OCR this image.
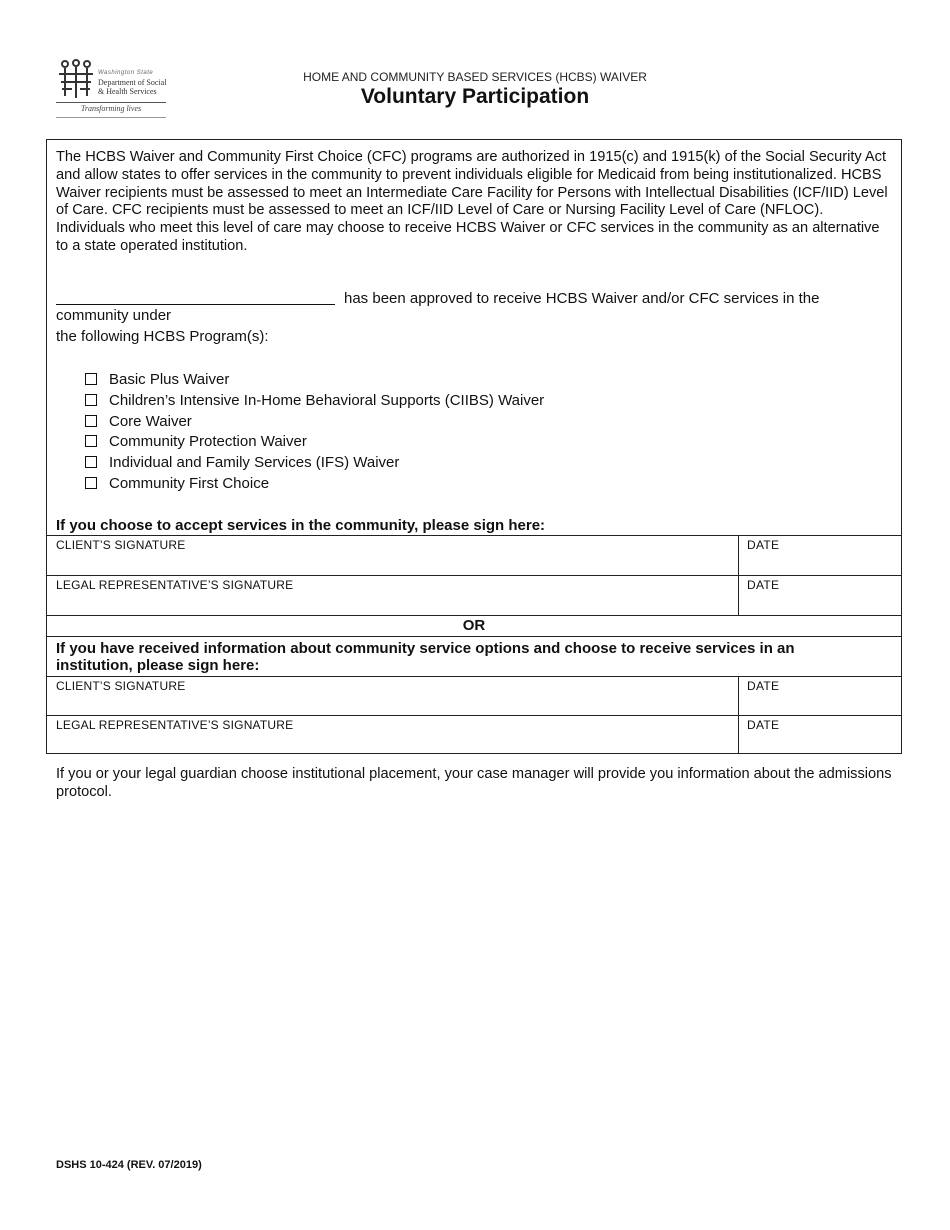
Washington State
Department of Social
& Health Services
Transforming lives
HOME AND COMMUNITY BASED SERVICES (HCBS) WAIVER
Voluntary Participation
The HCBS Waiver and Community First Choice (CFC) programs are authorized in 1915(c) and 1915(k) of the Social Security Act and allow states to offer services in the community to prevent individuals eligible for Medicaid from being institutionalized. HCBS Waiver recipients must be assessed to meet an Intermediate Care Facility for Persons with Intellectual Disabilities (ICF/IID) Level of Care. CFC recipients must be assessed to meet an ICF/IID Level of Care or Nursing Facility Level of Care (NFLOC). Individuals who meet this level of care may choose to receive HCBS Waiver or CFC services in the community as an alternative to a state operated institution.
has been approved to receive HCBS Waiver and/or CFC services in the
community under
the following HCBS Program(s):
Basic Plus Waiver
Children’s Intensive In-Home Behavioral Supports (CIIBS) Waiver
Core Waiver
Community Protection Waiver
Individual and Family Services (IFS) Waiver
Community First Choice
If you choose to accept services in the community, please sign here:
CLIENT’S SIGNATURE	DATE
LEGAL REPRESENTATIVE’S SIGNATURE	DATE
OR
If you have received information about community service options and choose to receive services in an institution, please sign here:
CLIENT’S SIGNATURE	DATE
LEGAL REPRESENTATIVE’S SIGNATURE	DATE
If you or your legal guardian choose institutional placement, your case manager will provide you information about the admissions protocol.
DSHS 10-424 (REV. 07/2019)
